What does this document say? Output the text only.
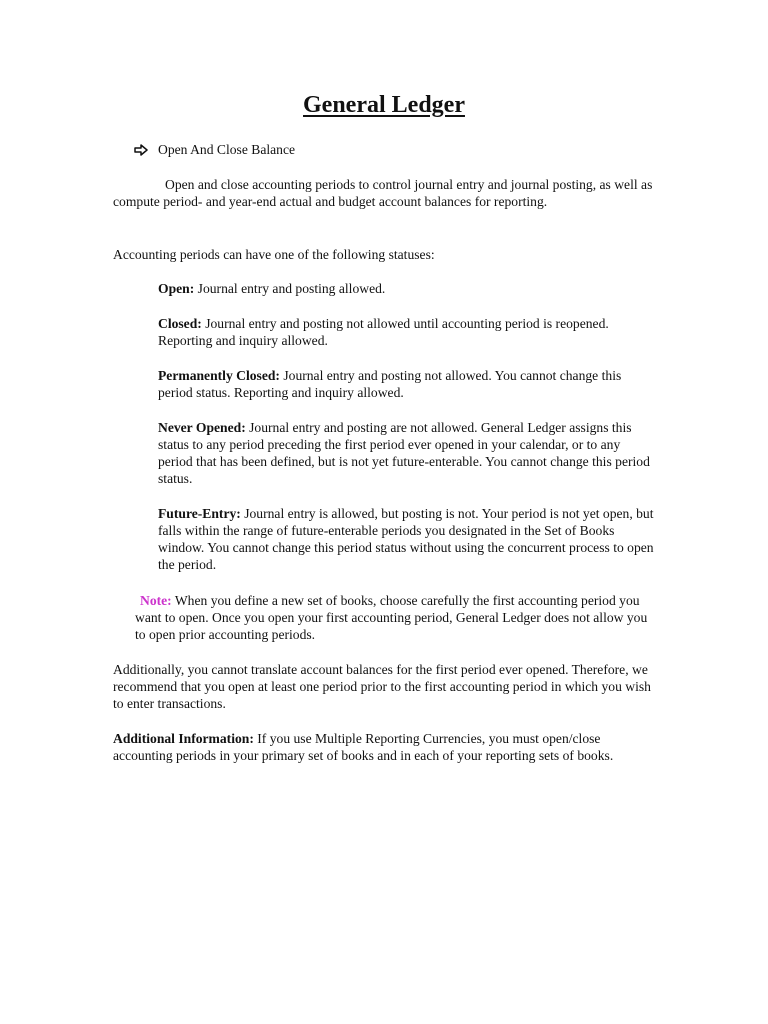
General Ledger
Open And Close Balance

Open and close accounting periods to control journal entry and journal posting, as well as compute period- and year-end actual and budget account balances for reporting.

Accounting periods can have one of the following statuses:

Open: Journal entry and posting allowed.

Closed: Journal entry and posting not allowed until accounting period is reopened. Reporting and inquiry allowed.

Permanently Closed: Journal entry and posting not allowed. You cannot change this period status. Reporting and inquiry allowed.

Never Opened: Journal entry and posting are not allowed. General Ledger assigns this status to any period preceding the first period ever opened in your calendar, or to any period that has been defined, but is not yet future-enterable. You cannot change this period status.

Future-Entry: Journal entry is allowed, but posting is not. Your period is not yet open, but falls within the range of future-enterable periods you designated in the Set of Books window. You cannot change this period status without using the concurrent process to open the period.

Note: When you define a new set of books, choose carefully the first accounting period you want to open. Once you open your first accounting period, General Ledger does not allow you to open prior accounting periods.

Additionally, you cannot translate account balances for the first period ever opened. Therefore, we recommend that you open at least one period prior to the first accounting period in which you wish to enter transactions.

Additional Information: If you use Multiple Reporting Currencies, you must open/close accounting periods in your primary set of books and in each of your reporting sets of books.
